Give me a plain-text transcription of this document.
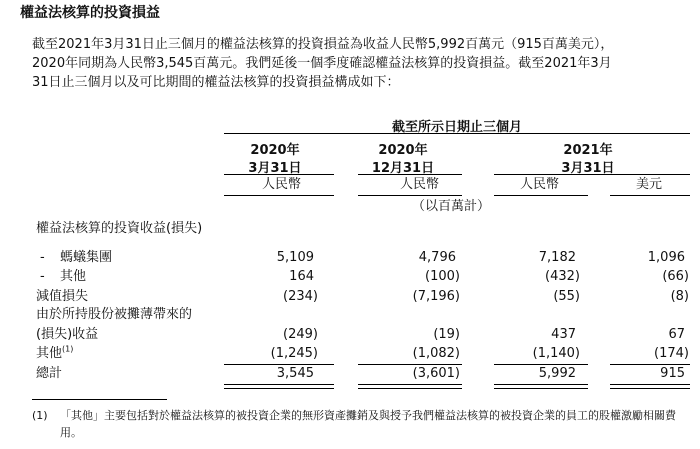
權益法核算的投資損益
截至2021年3月31日止三個月的權益法核算的投資損益為收益人民幣5,992百萬元（915百萬美元），
2020年同期為人民幣3,545百萬元。我們延後一個季度確認權益法核算的投資損益。截至2021年3月
31日止三個月以及可比期間的權益法核算的投資損益構成如下：
截至所示日期止三個月
2020年
3月31日
2020年
12月31日
2021年
3月31日
人民幣	人民幣	人民幣	美元
（以百萬計）
權益法核算的投資收益(損失)
- 螞蟻集團	5,109	4,796	7,182	1,096
- 其他	164	(100)	(432)	(66)
減值損失	(234)	(7,196)	(55)	(8)
由於所持股份被攤薄帶來的
(損失)收益	(249)	(19)	437	67
其他$^{(1)}$	(1,245)	(1,082)	(1,140)	(174)
總計	3,545	(3,601)	5,992	915
(1) 「其他」主要包括對於權益法核算的被投資企業的無形資產攤銷及與授予我們權益法核算的被投資企業的員工的股權激勵相關費
用。
